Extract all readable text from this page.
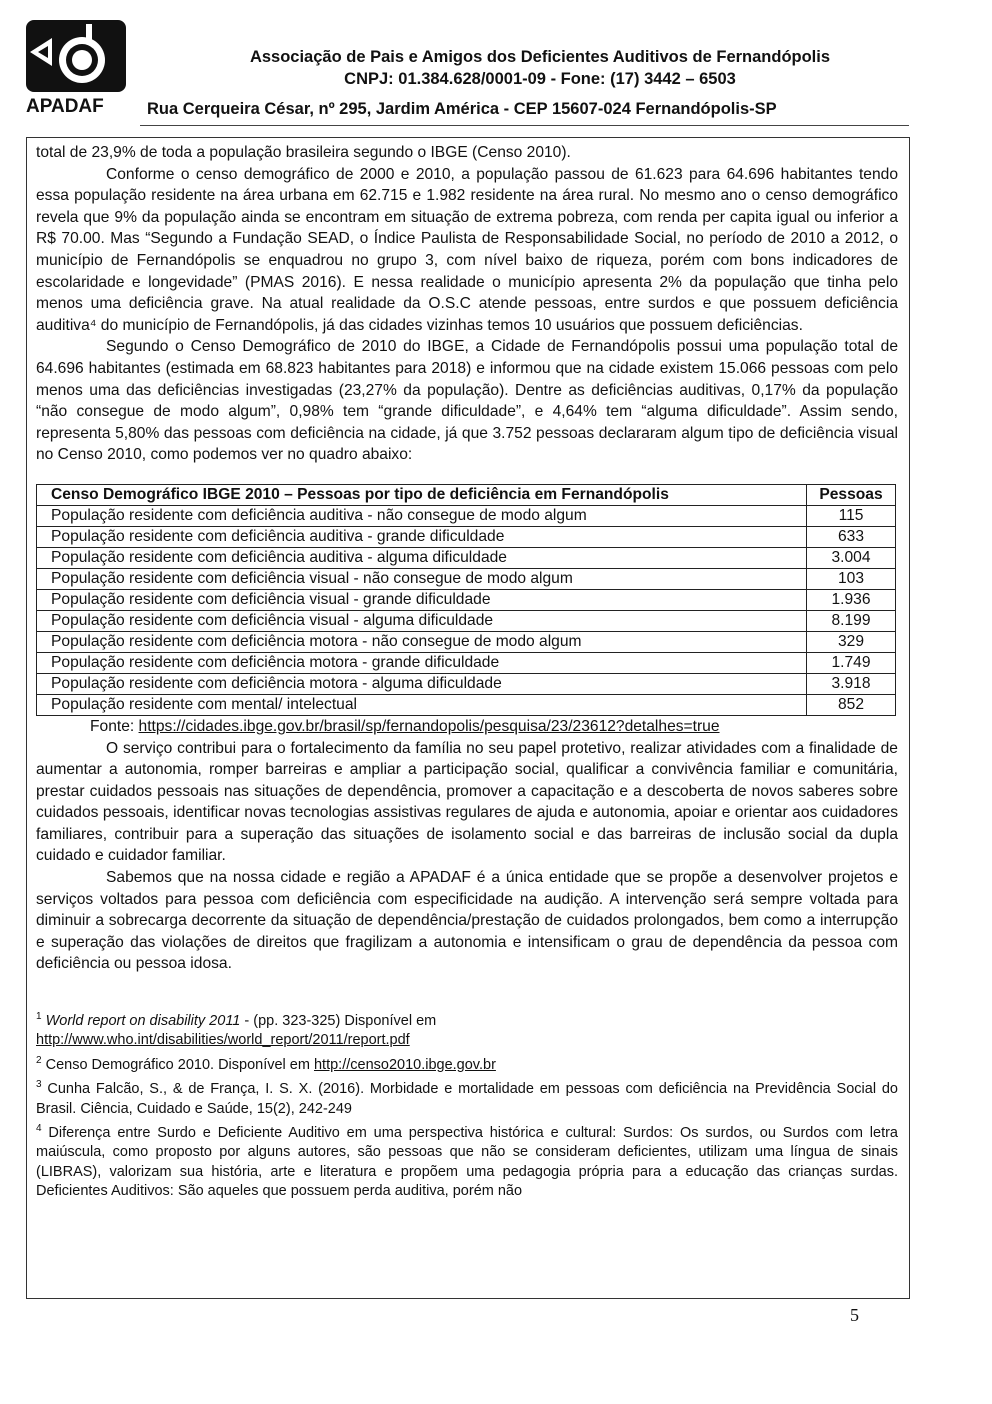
APADAF
Associação de Pais e Amigos dos Deficientes Auditivos de Fernandópolis
CNPJ: 01.384.628/0001-09 - Fone: (17) 3442 – 6503
Rua Cerqueira César, nº 295, Jardim América - CEP 15607-024 Fernandópolis-SP

total de 23,9% de toda a população brasileira segundo o IBGE (Censo 2010).

Conforme o censo demográfico de 2000 e 2010, a população passou de 61.623 para 64.696 habitantes tendo essa população residente na área urbana em 62.715 e 1.982 residente na área rural. No mesmo ano o censo demográfico revela que 9% da população ainda se encontram em situação de extrema pobreza, com renda per capita igual ou inferior a R$ 70.00. Mas “Segundo a Fundação SEAD, o Índice Paulista de Responsabilidade Social, no período de 2010 a 2012, o município de Fernandópolis se enquadrou no grupo 3, com nível baixo de riqueza, porém com bons indicadores de escolaridade e longevidade” (PMAS 2016). E nessa realidade o município apresenta 2% da população que tinha pelo menos uma deficiência grave. Na atual realidade da O.S.C atende pessoas, entre surdos e que possuem deficiência auditiva⁴ do município de Fernandópolis, já das cidades vizinhas temos 10 usuários que possuem deficiências.

Segundo o Censo Demográfico de 2010 do IBGE, a Cidade de Fernandópolis possui uma população total de 64.696 habitantes (estimada em 68.823 habitantes para 2018) e informou que na cidade existem 15.066 pessoas com pelo menos uma das deficiências investigadas (23,27% da população). Dentre as deficiências auditivas, 0,17% da população “não consegue de modo algum”, 0,98% tem “grande dificuldade”, e 4,64% tem “alguma dificuldade”. Assim sendo, representa 5,80% das pessoas com deficiência na cidade, já que 3.752 pessoas declararam algum tipo de deficiência visual no Censo 2010, como podemos ver no quadro abaixo:

Censo Demográfico IBGE 2010 – Pessoas por tipo de deficiência em Fernandópolis	Pessoas
População residente com deficiência auditiva - não consegue de modo algum	115
População residente com deficiência auditiva - grande dificuldade	633
População residente com deficiência auditiva - alguma dificuldade	3.004
População residente com deficiência visual - não consegue de modo algum	103
População residente com deficiência visual - grande dificuldade	1.936
População residente com deficiência visual - alguma dificuldade	8.199
População residente com deficiência motora - não consegue de modo algum	329
População residente com deficiência motora - grande dificuldade	1.749
População residente com deficiência motora - alguma dificuldade	3.918
População residente com mental/ intelectual	852
Fonte: https://cidades.ibge.gov.br/brasil/sp/fernandopolis/pesquisa/23/23612?detalhes=true

O serviço contribui para o fortalecimento da família no seu papel protetivo, realizar atividades com a finalidade de aumentar a autonomia, romper barreiras e ampliar a participação social, qualificar a convivência familiar e comunitária, prestar cuidados pessoais nas situações de dependência, promover a capacitação e a descoberta de novos saberes sobre cuidados pessoais, identificar novas tecnologias assistivas regulares de ajuda e autonomia, apoiar e orientar aos cuidadores familiares, contribuir para a superação das situações de isolamento social e das barreiras de inclusão social da dupla cuidado e cuidador familiar.

Sabemos que na nossa cidade e região a APADAF é a única entidade que se propõe a desenvolver projetos e serviços voltados para pessoa com deficiência com especificidade na audição. A intervenção será sempre voltada para diminuir a sobrecarga decorrente da situação de dependência/prestação de cuidados prolongados, bem como a interrupção e superação das violações de direitos que fragilizam a autonomia e intensificam o grau de dependência da pessoa com deficiência ou pessoa idosa.

$^1$ World report on disability 2011 - (pp. 323-325) Disponível em
http://www.who.int/disabilities/world_report/2011/report.pdf

$^2$ Censo Demográfico 2010. Disponível em http://censo2010.ibge.gov.br

$^3$ Cunha Falcão, S., & de França, I. S. X. (2016). Morbidade e mortalidade em pessoas com deficiência na Previdência Social do Brasil. Ciência, Cuidado e Saúde, 15(2), 242-249

$^4$ Diferença entre Surdo e Deficiente Auditivo em uma perspectiva histórica e cultural: Surdos: Os surdos, ou Surdos com letra maiúscula, como proposto por alguns autores, são pessoas que não se consideram deficientes, utilizam uma língua de sinais (LIBRAS), valorizam sua história, arte e literatura e propõem uma pedagogia própria para a educação das crianças surdas. Deficientes Auditivos: São aqueles que possuem perda auditiva, porém não

5
